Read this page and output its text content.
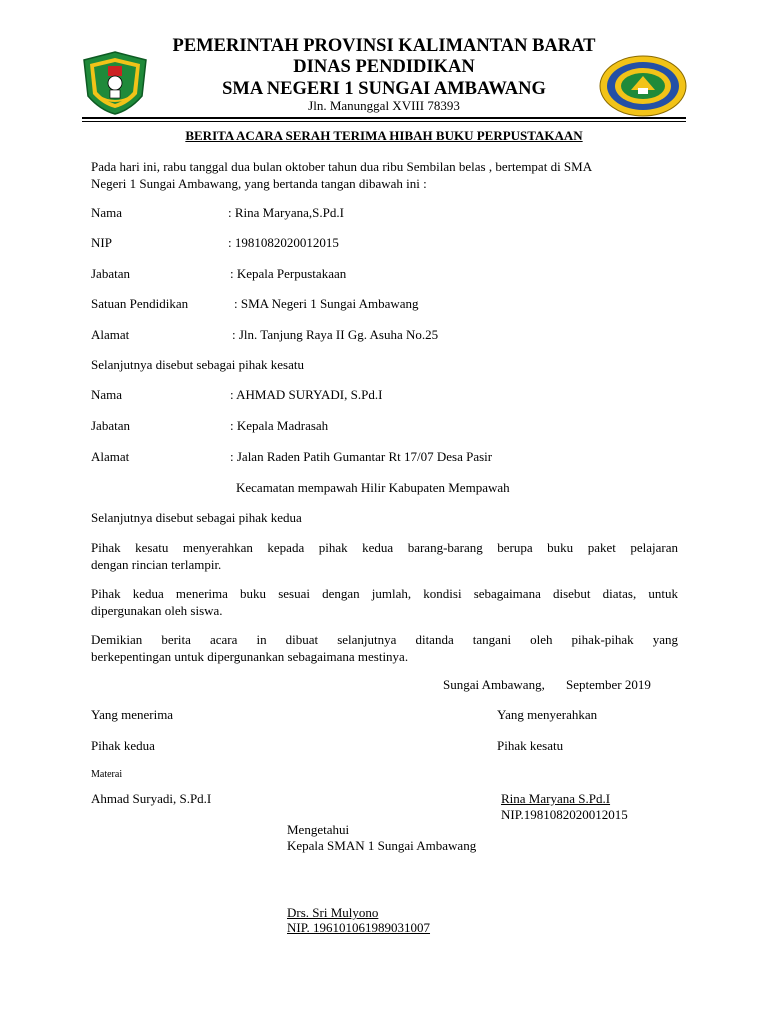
PEMERINTAH PROVINSI KALIMANTAN BARAT
DINAS PENDIDIKAN
SMA NEGERI 1 SUNGAI AMBAWANG
Jln. Manunggal XVIII 78393
BERITA ACARA SERAH TERIMA HIBAH BUKU PERPUSTAKAAN
Pada hari ini, rabu tanggal dua bulan oktober tahun dua ribu Sembilan belas , bertempat di SMA
Negeri 1 Sungai Ambawang, yang bertanda tangan dibawah ini :
Nama	: Rina Maryana,S.Pd.I
NIP	: 1981082020012015
Jabatan	: Kepala Perpustakaan
Satuan Pendidikan	: SMA Negeri 1 Sungai Ambawang
Alamat	: Jln. Tanjung Raya II Gg. Asuha No.25
Selanjutnya disebut sebagai pihak kesatu
Nama	: AHMAD SURYADI, S.Pd.I
Jabatan	: Kepala Madrasah
Alamat	: Jalan Raden Patih Gumantar Rt 17/07 Desa Pasir
Kecamatan mempawah Hilir Kabupaten Mempawah
Selanjutnya disebut sebagai pihak kedua
Pihak kesatu menyerahkan kepada pihak kedua barang-barang berupa buku paket pelajaran
dengan rincian terlampir.
Pihak kedua menerima buku sesuai dengan jumlah, kondisi sebagaimana disebut diatas, untuk
dipergunakan oleh siswa.
Demikian berita acara in dibuat selanjutnya ditanda tangani oleh pihak-pihak yang
berkepentingan untuk dipergunankan sebagaimana mestinya.
Sungai Ambawang, September 2019
Yang menerima	Yang menyerahkan
Pihak kedua	Pihak kesatu
Materai
Ahmad Suryadi, S.Pd.I	Rina Maryana S.Pd.I
NIP.1981082020012015
Mengetahui
Kepala SMAN 1 Sungai Ambawang
Drs. Sri Mulyono
NIP. 196101061989031007
